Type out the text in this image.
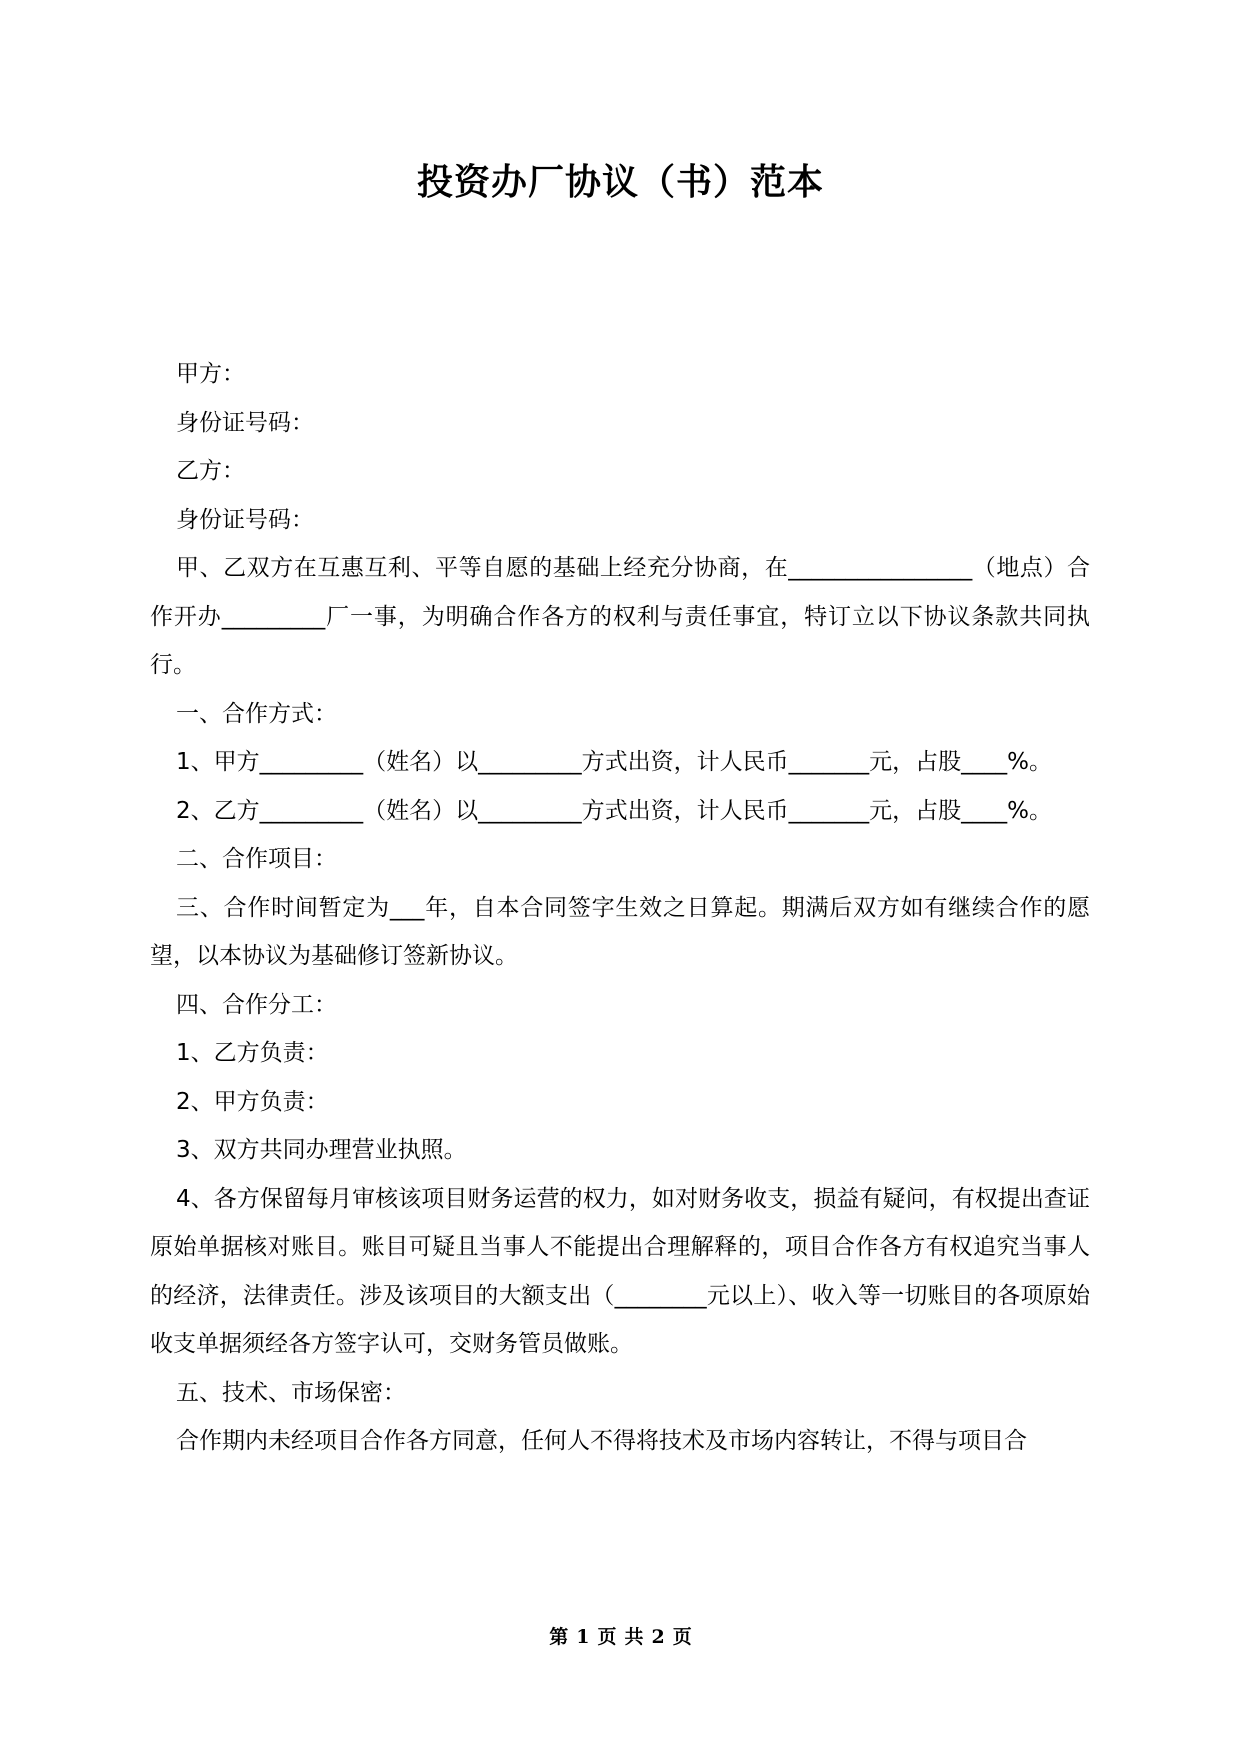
投资办厂协议（书）范本

甲方：

身份证号码：

乙方：

身份证号码：

甲、乙双方在互惠互利、平等自愿的基础上经充分协商，在________________（地点）合作开办_________厂一事，为明确合作各方的权利与责任事宜，特订立以下协议条款共同执行。

一、合作方式：

1、甲方_________（姓名）以_________方式出资，计人民币_______元，占股____%。

2、乙方_________（姓名）以_________方式出资，计人民币_______元，占股____%。

二、合作项目：

三、合作时间暂定为___年，自本合同签字生效之日算起。期满后双方如有继续合作的愿望，以本协议为基础修订签新协议。

四、合作分工：

1、乙方负责：

2、甲方负责：

3、双方共同办理营业执照。

4、各方保留每月审核该项目财务运营的权力，如对财务收支，损益有疑问，有权提出查证原始单据核对账目。账目可疑且当事人不能提出合理解释的，项目合作各方有权追究当事人的经济，法律责任。涉及该项目的大额支出（________元以上）、收入等一切账目的各项原始收支单据须经各方签字认可，交财务管员做账。

五、技术、市场保密：

合作期内未经项目合作各方同意，任何人不得将技术及市场内容转让，不得与项目合

第 1 页 共 2 页
